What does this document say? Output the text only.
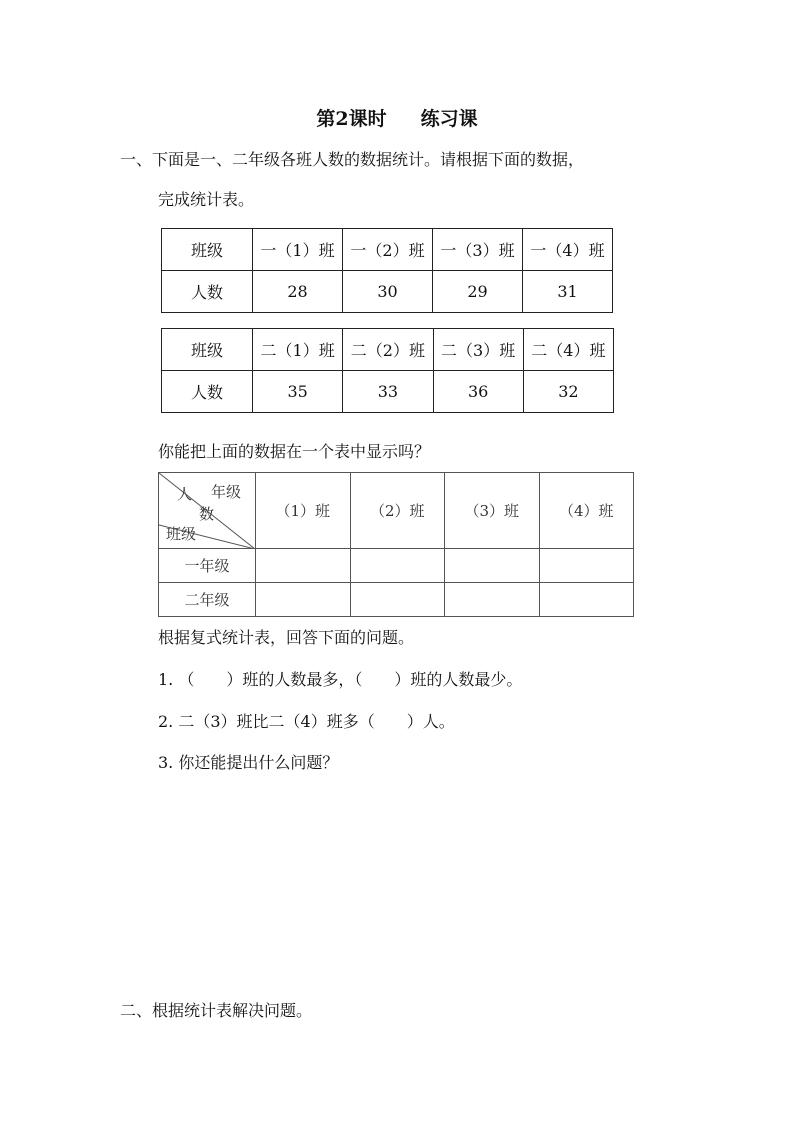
第2课时 练习课
一、下面是一、二年级各班人数的数据统计。请根据下面的数据，
完成统计表。
班级	一（1）班	一（2）班	一（3）班	一（4）班
人数	28	30	29	31
班级	二（1）班	二（2）班	二（3）班	二（4）班
人数	35	33	36	32
你能把上面的数据在一个表中显示吗？
人 年级
数
班级	（1）班	（2）班	（3）班	（4）班
一年级				
二年级				
根据复式统计表，回答下面的问题。
1. （　　）班的人数最多，（　　）班的人数最少。
2. 二（3）班比二（4）班多（　　）人。
3. 你还能提出什么问题？
二、根据统计表解决问题。
